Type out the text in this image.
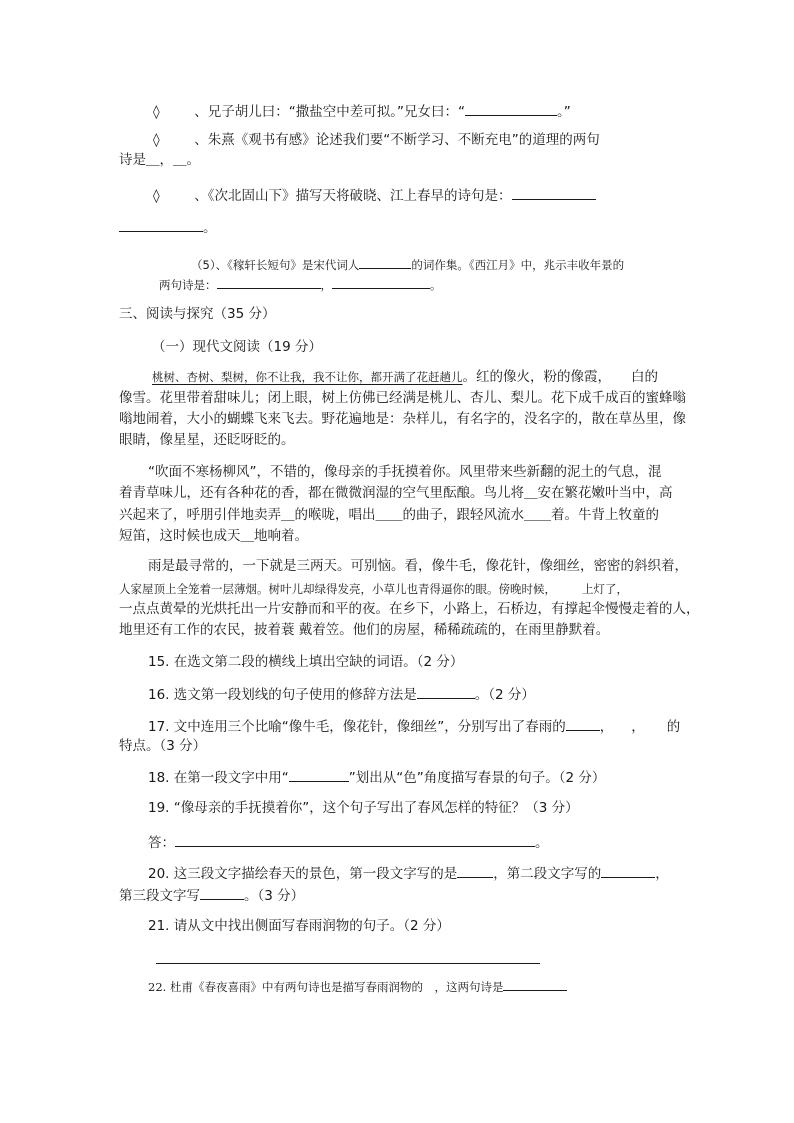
◊	、兄子胡儿曰：“撒盐空中差可拟。”兄女曰：“	。”
◊	、朱熹《观书有感》论述我们要“不断学习、不断充电”的道理的两句
诗是＿，＿。
◊	、《次北固山下》描写天将破晓、江上春早的诗句是：
。
（5）、《稼轩长短句》是宋代词人	的词作集。《西江月》中，兆示丰收年景的
两句诗是：	，	。
三、阅读与探究（35 分）
（一）现代文阅读（19 分）
桃树、杏树、梨树，你不让我，我不让你，都开满了花赶趟儿。红的像火，粉的像霞， 白的
像雪。花里带着甜味儿；闭上眼，树上仿佛已经满是桃儿、杏儿、梨儿。花下成千成百的蜜蜂嗡
嗡地闹着，大小的蝴蝶飞来飞去。野花遍地是：杂样儿，有名字的，没名字的，散在草丛里，像
眼睛，像星星，还眨呀眨的。
“吹面不寒杨柳风”，不错的，像母亲的手抚摸着你。风里带来些新翻的泥土的气息，混
着青草味儿，还有各种花的香，都在微微润湿的空气里酝酿。鸟儿将＿安在繁花嫩叶当中，高
兴起来了，呼朋引伴地卖弄＿的喉咙，唱出＿＿的曲子，跟轻风流水＿＿着。牛背上牧童的
短笛，这时候也成天＿地响着。
雨是最寻常的，一下就是三两天。可别恼。看，像牛毛，像花针，像细丝，密密的斜织着，
人家屋顶上全笼着一层薄烟。树叶儿却绿得发亮，小草儿也青得逼你的眼。傍晚时候， 上灯了，
一点点黄晕的光烘托出一片安静而和平的夜。在乡下，小路上，石桥边，有撑起伞慢慢走着的人，
地里还有工作的农民，披着蓑 戴着笠。他们的房屋，稀稀疏疏的，在雨里静默着。
15. 在选文第二段的横线上填出空缺的词语。（2 分）
16. 选文第一段划线的句子使用的修辞方法是	。（2 分）
17. 文中连用三个比喻“像牛毛，像花针，像细丝”，分别写出了春雨的	， ， 的
特点。（3 分）
18. 在第一段文字中用“	”划出从“色”角度描写春景的句子。（2 分）
19. “像母亲的手抚摸着你”，这个句子写出了春风怎样的特征？（3 分）
答：	。
20. 这三段文字描绘春天的景色，第一段文字写的是	，第二段文字写的	，
第三段文字写	。（3 分）
21. 请从文中找出侧面写春雨润物的句子。（2 分）
22. 杜甫《春夜喜雨》中有两句诗也是描写春雨润物的　，这两句诗是
